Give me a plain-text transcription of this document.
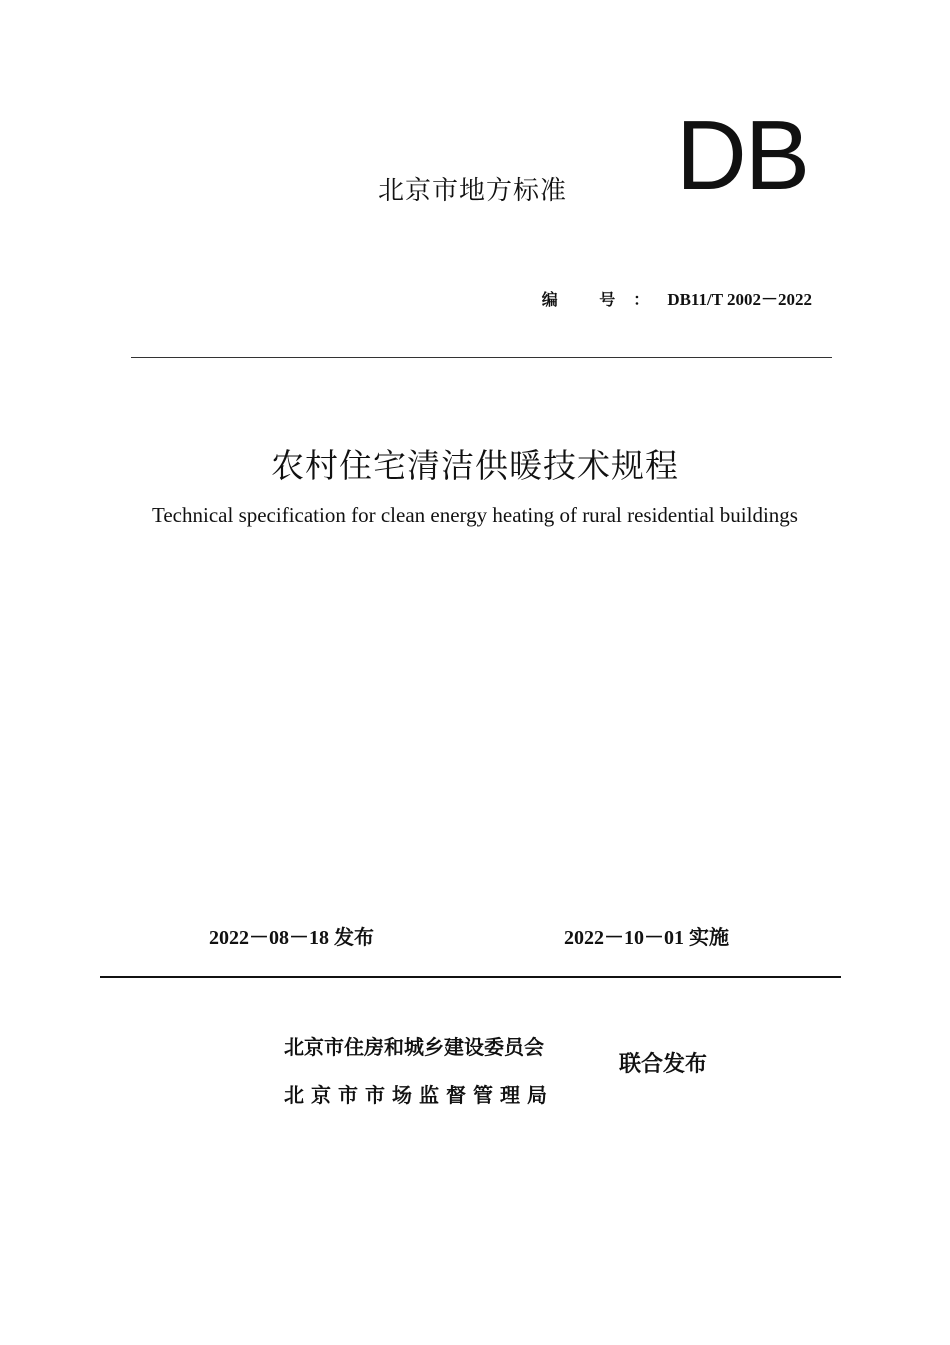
北京市地方标准 DB
编 号：DB11/T 2002－2022
农村住宅清洁供暖技术规程
Technical specification for clean energy heating of rural residential buildings
2022－08－18 发布	2022－10－01 实施
北京市住房和城乡建设委员会
北京市市场监督管理局
联合发布
